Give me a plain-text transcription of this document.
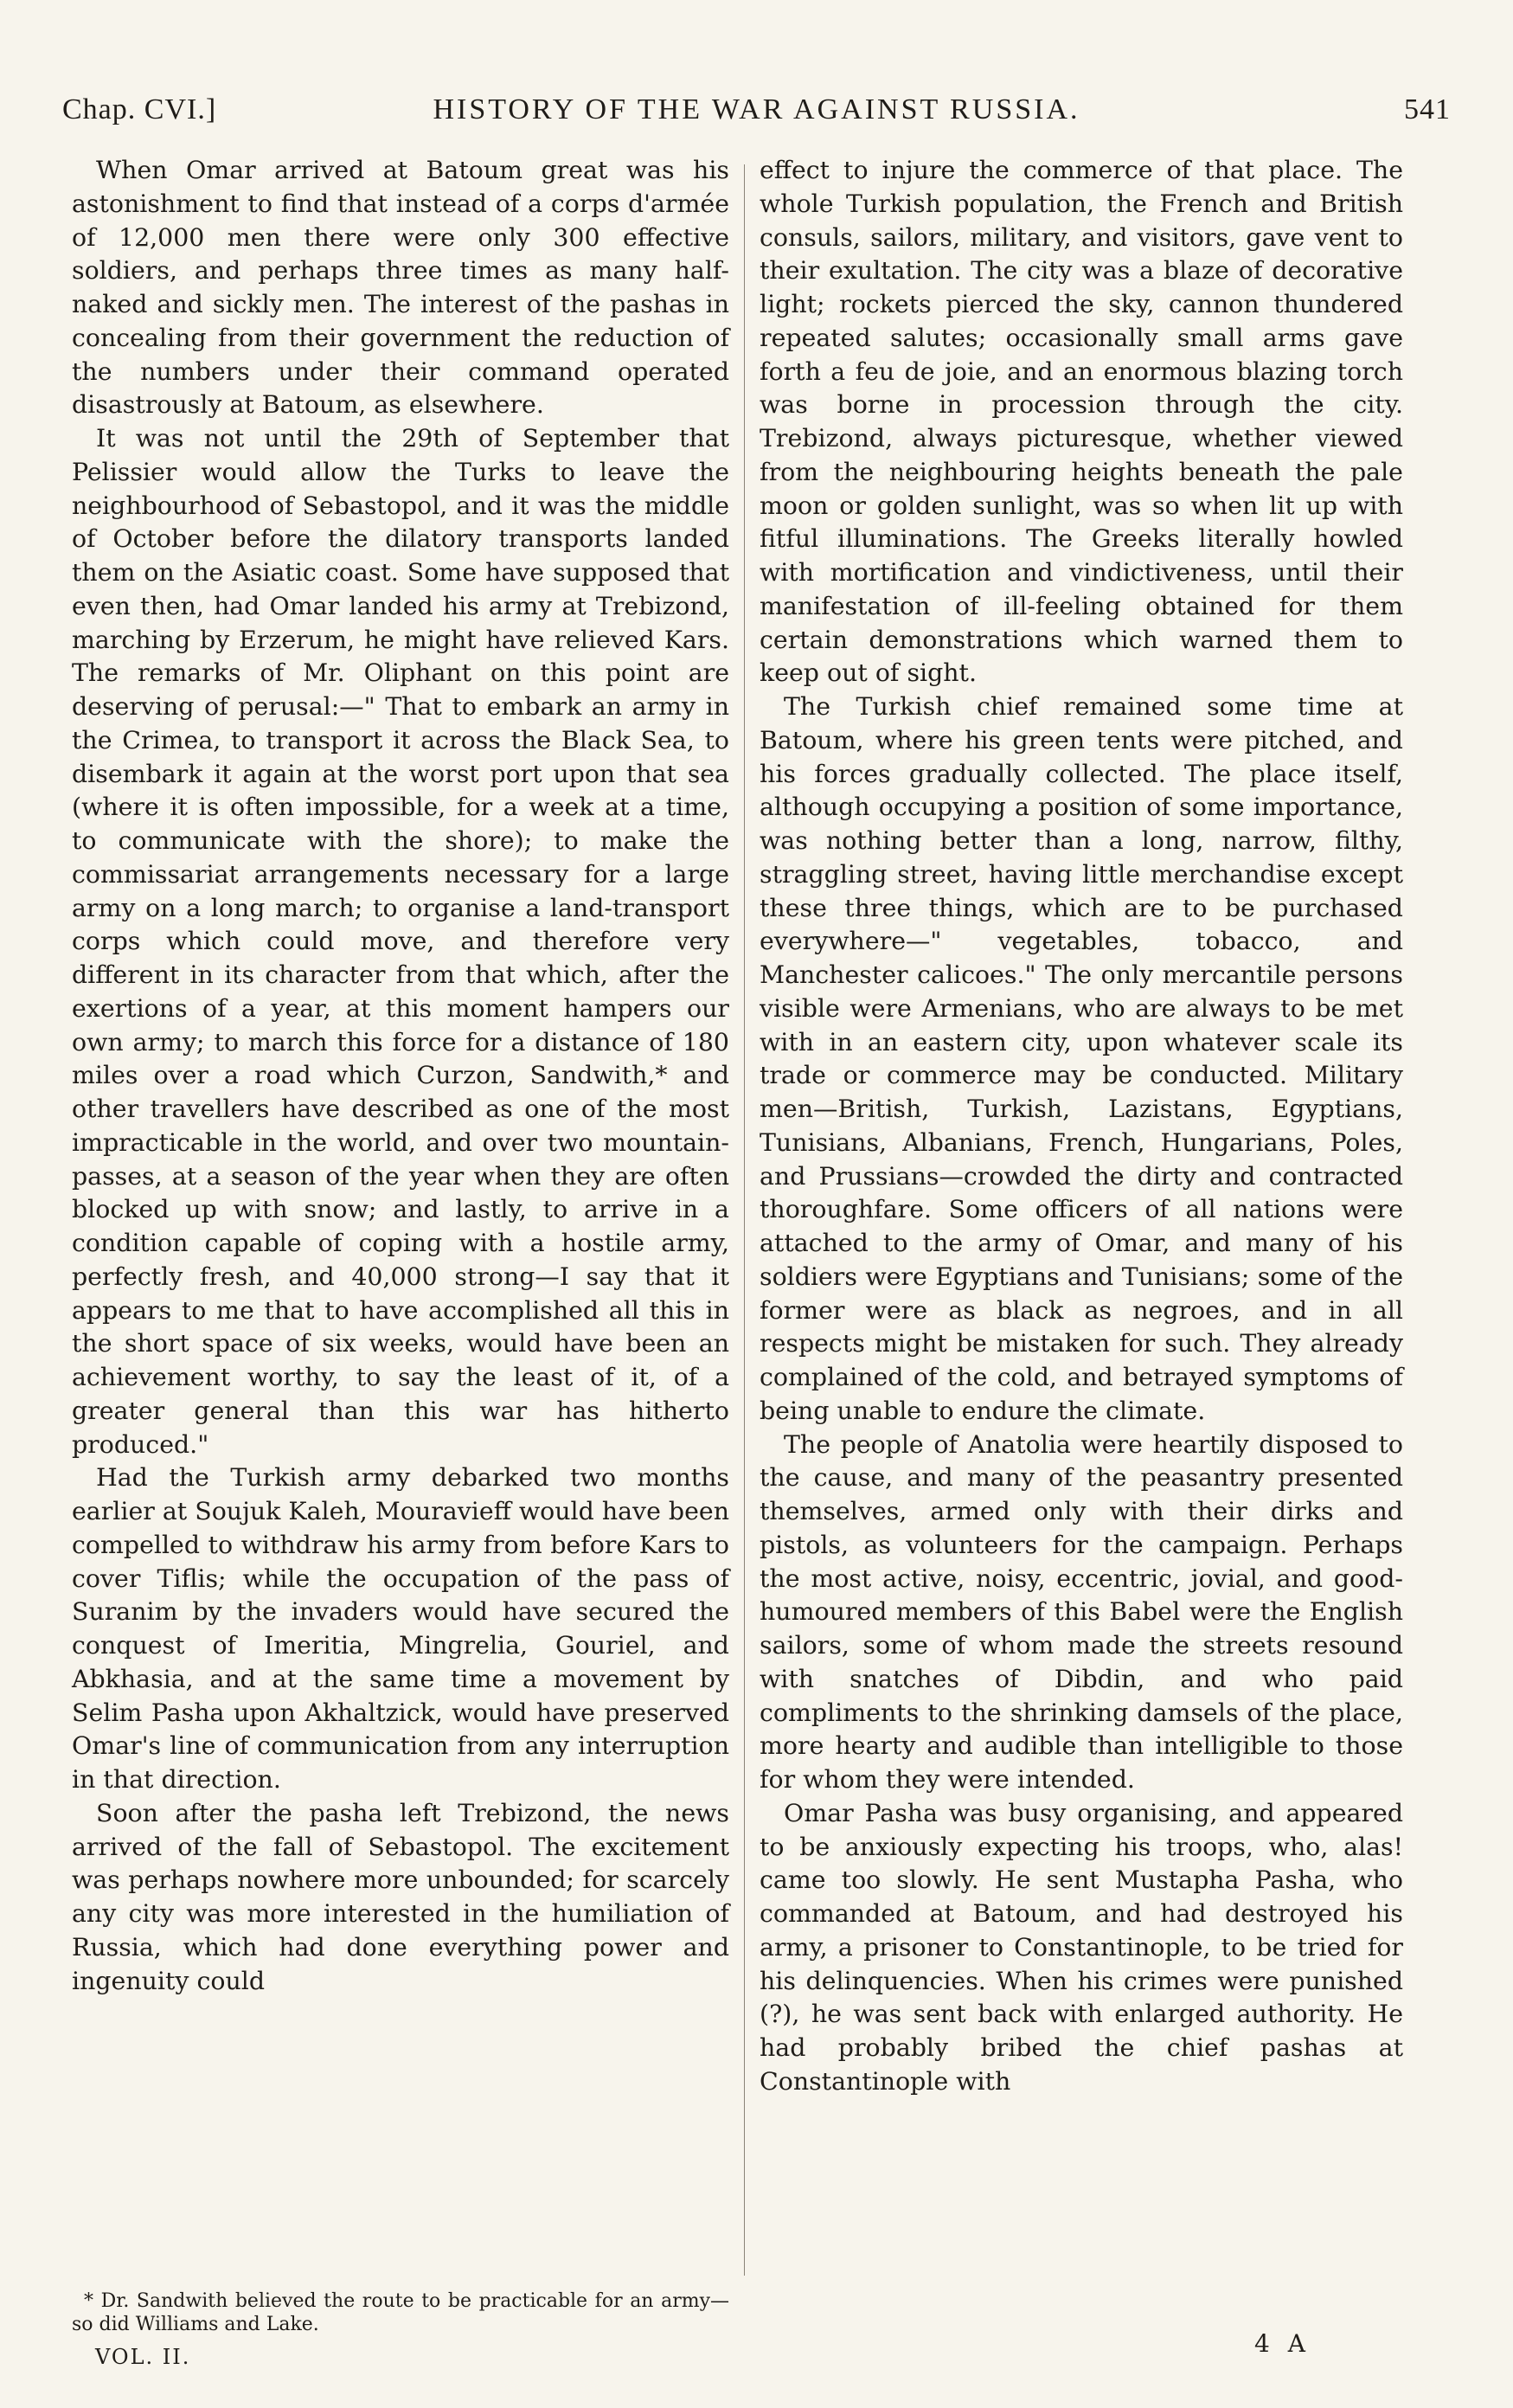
Chap. CVI.]	HISTORY OF THE WAR AGAINST RUSSIA.	541

When Omar arrived at Batoum great was his astonishment to find that instead of a corps d'armée of 12,000 men there were only 300 effective soldiers, and perhaps three times as many half-naked and sickly men. The interest of the pashas in concealing from their government the reduction of the numbers under their command operated disastrously at Batoum, as elsewhere.

It was not until the 29th of September that Pelissier would allow the Turks to leave the neighbourhood of Sebastopol, and it was the middle of October before the dilatory transports landed them on the Asiatic coast. Some have supposed that even then, had Omar landed his army at Trebizond, marching by Erzerum, he might have relieved Kars. The remarks of Mr. Oliphant on this point are deserving of perusal:—" That to embark an army in the Crimea, to transport it across the Black Sea, to disembark it again at the worst port upon that sea (where it is often impossible, for a week at a time, to communicate with the shore); to make the commissariat arrangements necessary for a large army on a long march; to organise a land-transport corps which could move, and therefore very different in its character from that which, after the exertions of a year, at this moment hampers our own army; to march this force for a distance of 180 miles over a road which Curzon, Sandwith,* and other travellers have described as one of the most impracticable in the world, and over two mountain-passes, at a season of the year when they are often blocked up with snow; and lastly, to arrive in a condition capable of coping with a hostile army, perfectly fresh, and 40,000 strong—I say that it appears to me that to have accomplished all this in the short space of six weeks, would have been an achievement worthy, to say the least of it, of a greater general than this war has hitherto produced."

Had the Turkish army debarked two months earlier at Soujuk Kaleh, Mouravieff would have been compelled to withdraw his army from before Kars to cover Tiflis; while the occupation of the pass of Suranim by the invaders would have secured the conquest of Imeritia, Mingrelia, Gouriel, and Abkhasia, and at the same time a movement by Selim Pasha upon Akhaltzick, would have preserved Omar's line of communication from any interruption in that direction.

Soon after the pasha left Trebizond, the news arrived of the fall of Sebastopol. The excitement was perhaps nowhere more unbounded; for scarcely any city was more interested in the humiliation of Russia, which had done everything power and ingenuity could

effect to injure the commerce of that place. The whole Turkish population, the French and British consuls, sailors, military, and visitors, gave vent to their exultation. The city was a blaze of decorative light; rockets pierced the sky, cannon thundered repeated salutes; occasionally small arms gave forth a feu de joie, and an enormous blazing torch was borne in procession through the city. Trebizond, always picturesque, whether viewed from the neighbouring heights beneath the pale moon or golden sunlight, was so when lit up with fitful illuminations. The Greeks literally howled with mortification and vindictiveness, until their manifestation of ill-feeling obtained for them certain demonstrations which warned them to keep out of sight.

The Turkish chief remained some time at Batoum, where his green tents were pitched, and his forces gradually collected. The place itself, although occupying a position of some importance, was nothing better than a long, narrow, filthy, straggling street, having little merchandise except these three things, which are to be purchased everywhere—" vegetables, tobacco, and Manchester calicoes." The only mercantile persons visible were Armenians, who are always to be met with in an eastern city, upon whatever scale its trade or commerce may be conducted. Military men—British, Turkish, Lazistans, Egyptians, Tunisians, Albanians, French, Hungarians, Poles, and Prussians—crowded the dirty and contracted thoroughfare. Some officers of all nations were attached to the army of Omar, and many of his soldiers were Egyptians and Tunisians; some of the former were as black as negroes, and in all respects might be mistaken for such. They already complained of the cold, and betrayed symptoms of being unable to endure the climate.

The people of Anatolia were heartily disposed to the cause, and many of the peasantry presented themselves, armed only with their dirks and pistols, as volunteers for the campaign. Perhaps the most active, noisy, eccentric, jovial, and good-humoured members of this Babel were the English sailors, some of whom made the streets resound with snatches of Dibdin, and who paid compliments to the shrinking damsels of the place, more hearty and audible than intelligible to those for whom they were intended.

Omar Pasha was busy organising, and appeared to be anxiously expecting his troops, who, alas! came too slowly. He sent Mustapha Pasha, who commanded at Batoum, and had destroyed his army, a prisoner to Constantinople, to be tried for his delinquencies. When his crimes were punished (?), he was sent back with enlarged authority. He had probably bribed the chief pashas at Constantinople with

* Dr. Sandwith believed the route to be practicable for an army—so did Williams and Lake.

VOL. II.	4 A
